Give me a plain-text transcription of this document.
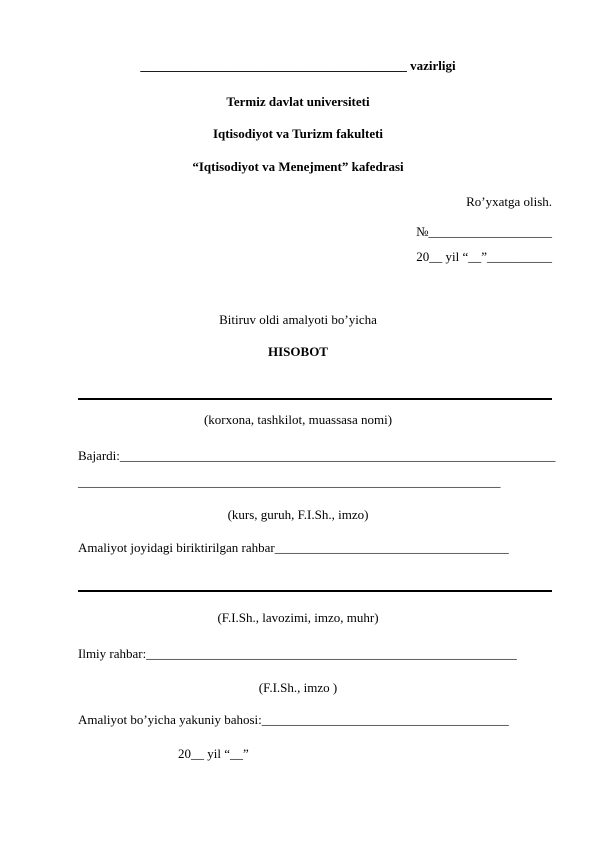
_________________________________________ vazirligi
Termiz davlat universiteti
Iqtisodiyot va Turizm fakulteti
“Iqtisodiyot va Menejment” kafedrasi
Ro’yxatga olish.
№___________________
20__ yil “__”__________
Bitiruv oldi amalyoti bo’yicha
HISOBOT
(korxona, tashkilot, muassasa nomi)
Bajardi:___________________________________________________________________
_________________________________________________________________
(kurs, guruh, F.I.Sh., imzo)
Amaliyot joyidagi biriktirilgan rahbar____________________________________
(F.I.Sh., lavozimi, imzo, muhr)
Ilmiy rahbar:_________________________________________________________
(F.I.Sh., imzo )
Amaliyot bo’yicha yakuniy bahosi:______________________________________
20__ yil “__”
